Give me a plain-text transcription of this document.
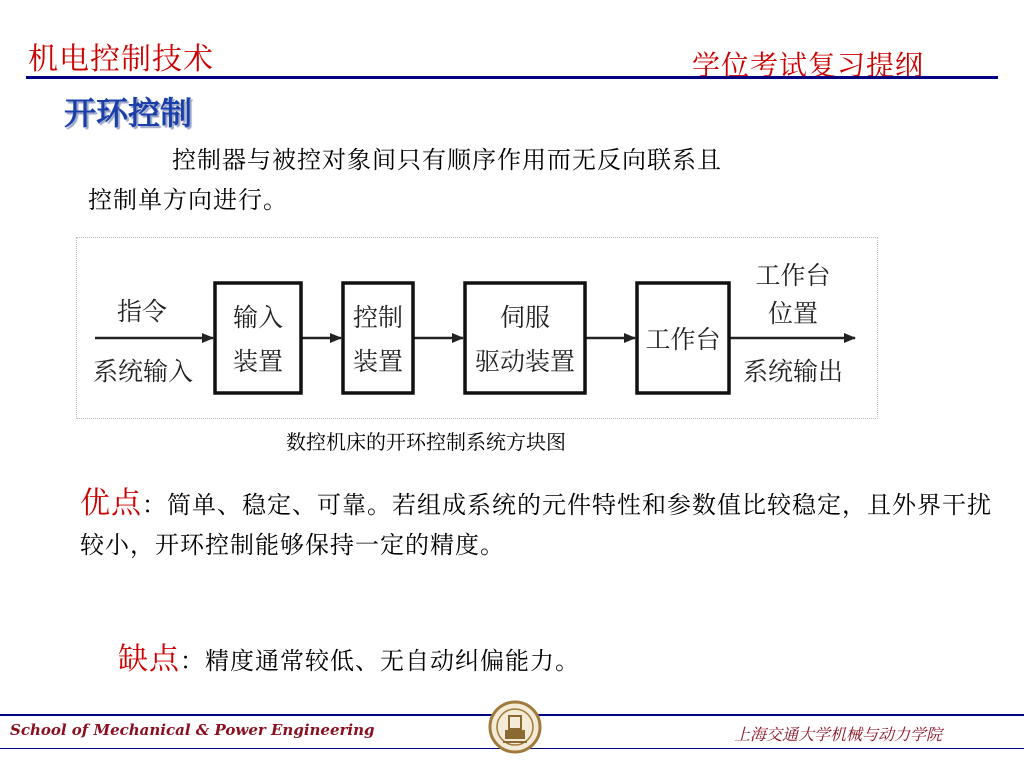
机电控制技术	学位考试复习提纲
开环控制
控制器与被控对象间只有顺序作用而无反向联系且
控制单方向进行。
输入
装置
控制
装置
伺服
驱动装置
工作台
指令
系统输入
工作台
位置
系统输出
数控机床的开环控制系统方块图
优点：简单、稳定、可靠。若组成系统的元件特性和参数值比较稳定，且外界干扰较小，开环控制能够保持一定的精度。
缺点：精度通常较低、无自动纠偏能力。
School of Mechanical & Power Engineering	上海交通大学机械与动力学院
